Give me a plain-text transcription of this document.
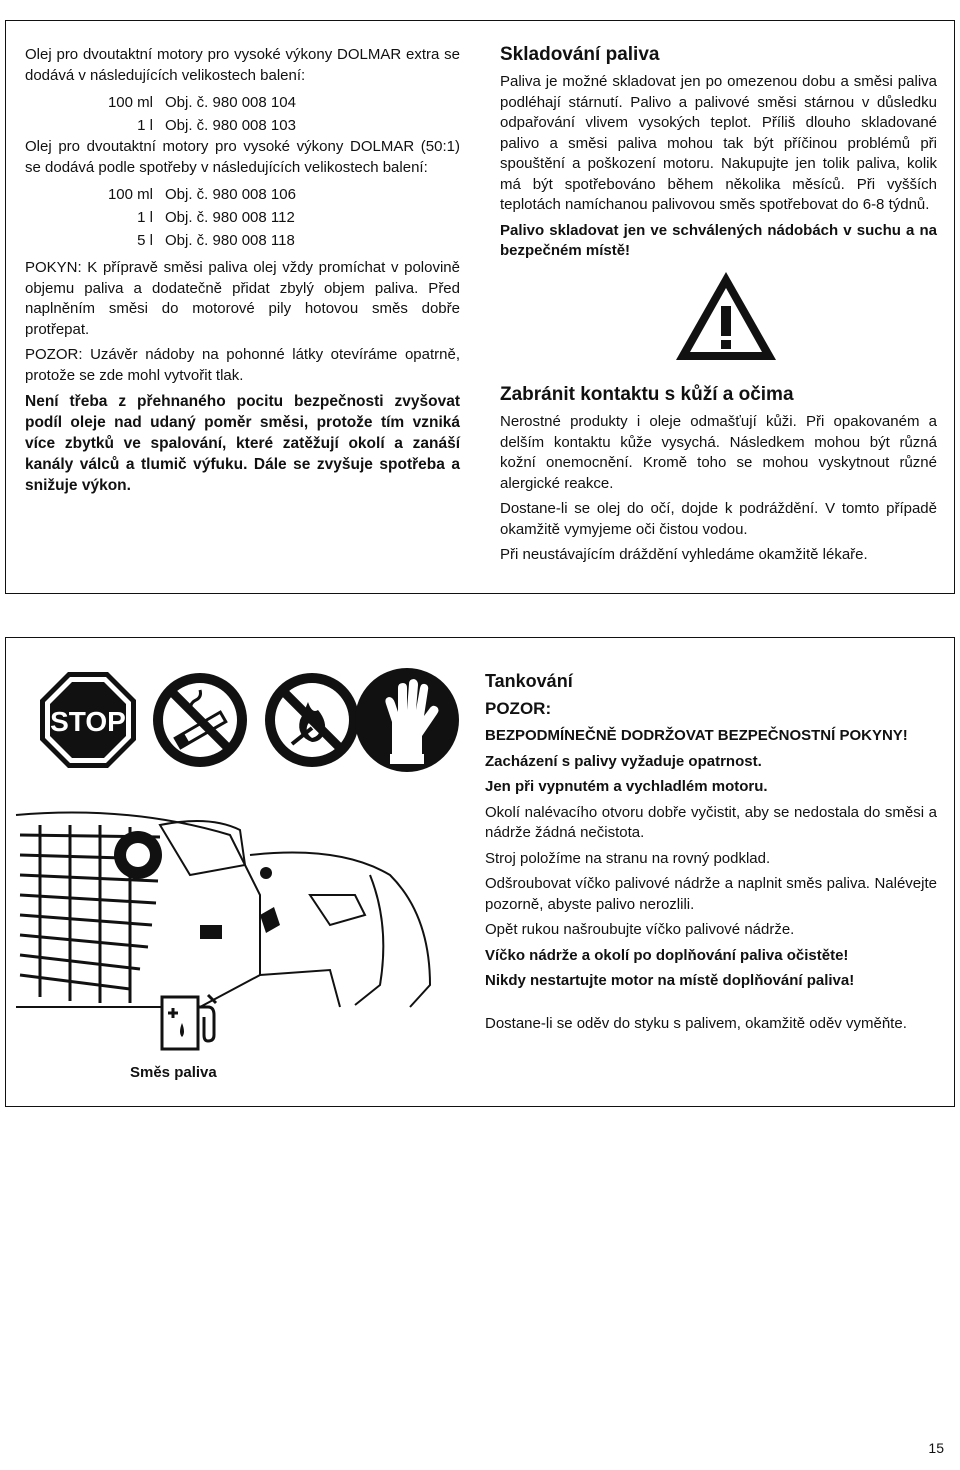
Olej pro dvoutaktní motory pro vysoké výkony DOLMAR extra se dodává v následujících velikostech balení:

100 ml Obj. č. 980 008 104
1 l Obj. č. 980 008 103

Olej pro dvoutaktní motory pro vysoké výkony DOLMAR (50:1) se dodává podle spotřeby v následujících velikostech balení:

100 ml Obj. č. 980 008 106
1 l Obj. č. 980 008 112
5 l Obj. č. 980 008 118

POKYN: K přípravě směsi paliva olej vždy promíchat v polovině objemu paliva a dodatečně přidat zbylý objem paliva. Před naplněním směsi do motorové pily hotovou směs dobře protřepat.

POZOR: Uzávěr nádoby na pohonné látky otevíráme opatrně, protože se zde mohl vytvořit tlak.

Není třeba z přehnaného pocitu bezpečnosti zvyšovat podíl oleje nad udaný poměr směsi, protože tím vzniká více zbytků ve spalování, které zatěžují okolí a zanáší kanály válců a tlumič výfuku. Dále se zvyšuje spotřeba a snižuje výkon.

Skladování paliva

Paliva je možné skladovat jen po omezenou dobu a směsi paliva podléhají stárnutí. Palivo a palivové směsi stárnou v důsledku odpařování vlivem vysokých teplot. Příliš dlouho skladované palivo a směsi paliva mohou tak být příčinou problémů při spouštění a poškození motoru. Nakupujte jen tolik paliva, kolik má být spotřebováno během několika měsíců. Při vyšších teplotách namíchanou palivovou směs spotřebovat do 6-8 týdnů.

Palivo skladovat jen ve schválených nádobách v suchu a na bezpečném místě!

Zabránit kontaktu s kůží a očima

Nerostné produkty i oleje odmašťují kůži. Při opakovaném a delším kontaktu kůže vysychá. Následkem mohou být různá kožní onemocnění. Kromě toho se mohou vyskytnout různé alergické reakce.

Dostane-li se olej do očí, dojde k podráždění. V tomto případě okamžitě vymyjeme oči čistou vodou.

Při neustávajícím dráždění vyhledáme okamžitě lékaře.

STOP
Směs paliva
Tankování
POZOR:

BEZPODMÍNEČNĚ DODRŽOVAT BEZPEČNOSTNÍ POKYNY!

Zacházení s palivy vyžaduje opatrnost.

Jen při vypnutém a vychladlém motoru.

Okolí nalévacího otvoru dobře vyčistit, aby se nedostala do směsi a nádrže žádná nečistota.

Stroj položíme na stranu na rovný podklad.

Odšroubovat víčko palivové nádrže a naplnit směs paliva. Nalévejte pozorně, abyste palivo nerozlili.

Opět rukou našroubujte víčko palivové nádrže.

Víčko nádrže a okolí po doplňování paliva očistěte!

Nikdy nestartujte motor na místě doplňování paliva!

Dostane-li se oděv do styku s palivem, okamžitě oděv vyměňte.

15
